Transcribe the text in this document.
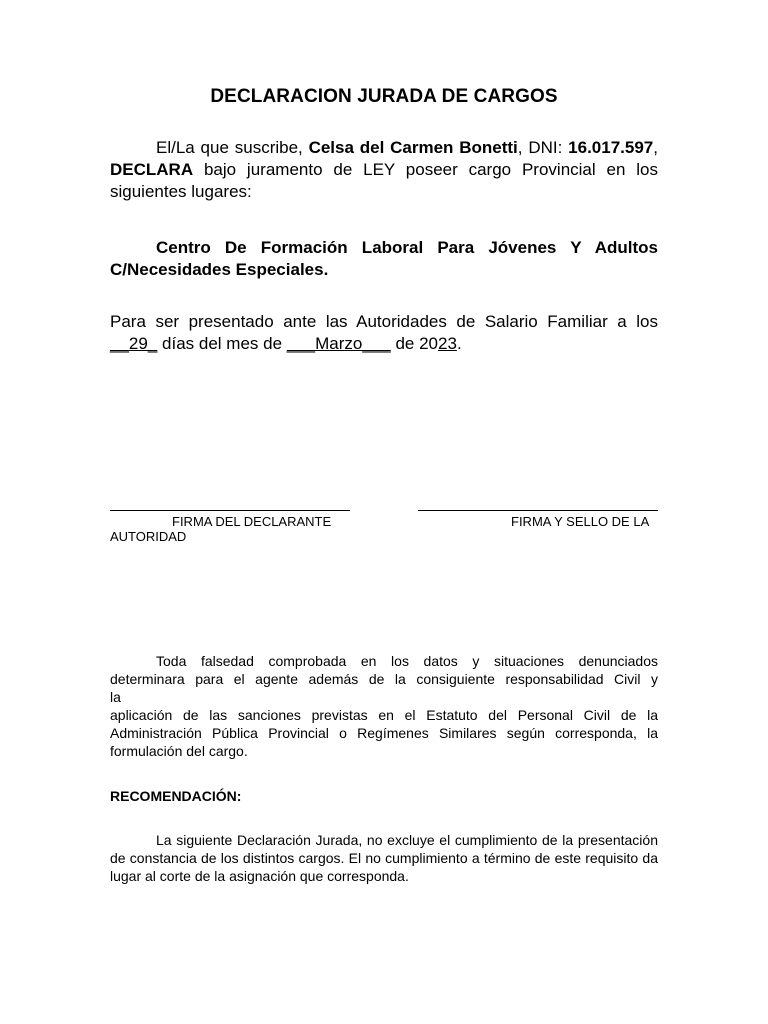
DECLARACION JURADA DE CARGOS
El/La que suscribe, Celsa del Carmen Bonetti, DNI: 16.017.597, DECLARA bajo juramento de LEY poseer cargo Provincial en los siguientes lugares:
Centro De Formación Laboral Para Jóvenes Y Adultos C/Necesidades Especiales.
Para ser presentado ante las Autoridades de Salario Familiar a los __29_ días del mes de ___Marzo___ de 2023.
FIRMA DEL DECLARANTE	FIRMA Y SELLO DE LA
AUTORIDAD
Toda falsedad comprobada en los datos y situaciones denunciados
determinara para el agente además de la consiguiente responsabilidad Civil y
la
aplicación de las sanciones previstas en el Estatuto del Personal Civil de la Administración Pública Provincial o Regímenes Similares según corresponda, la formulación del cargo.
RECOMENDACIÓN:
La siguiente Declaración Jurada, no excluye el cumplimiento de la presentación de constancia de los distintos cargos. El no cumplimiento a término de este requisito da lugar al corte de la asignación que corresponda.
